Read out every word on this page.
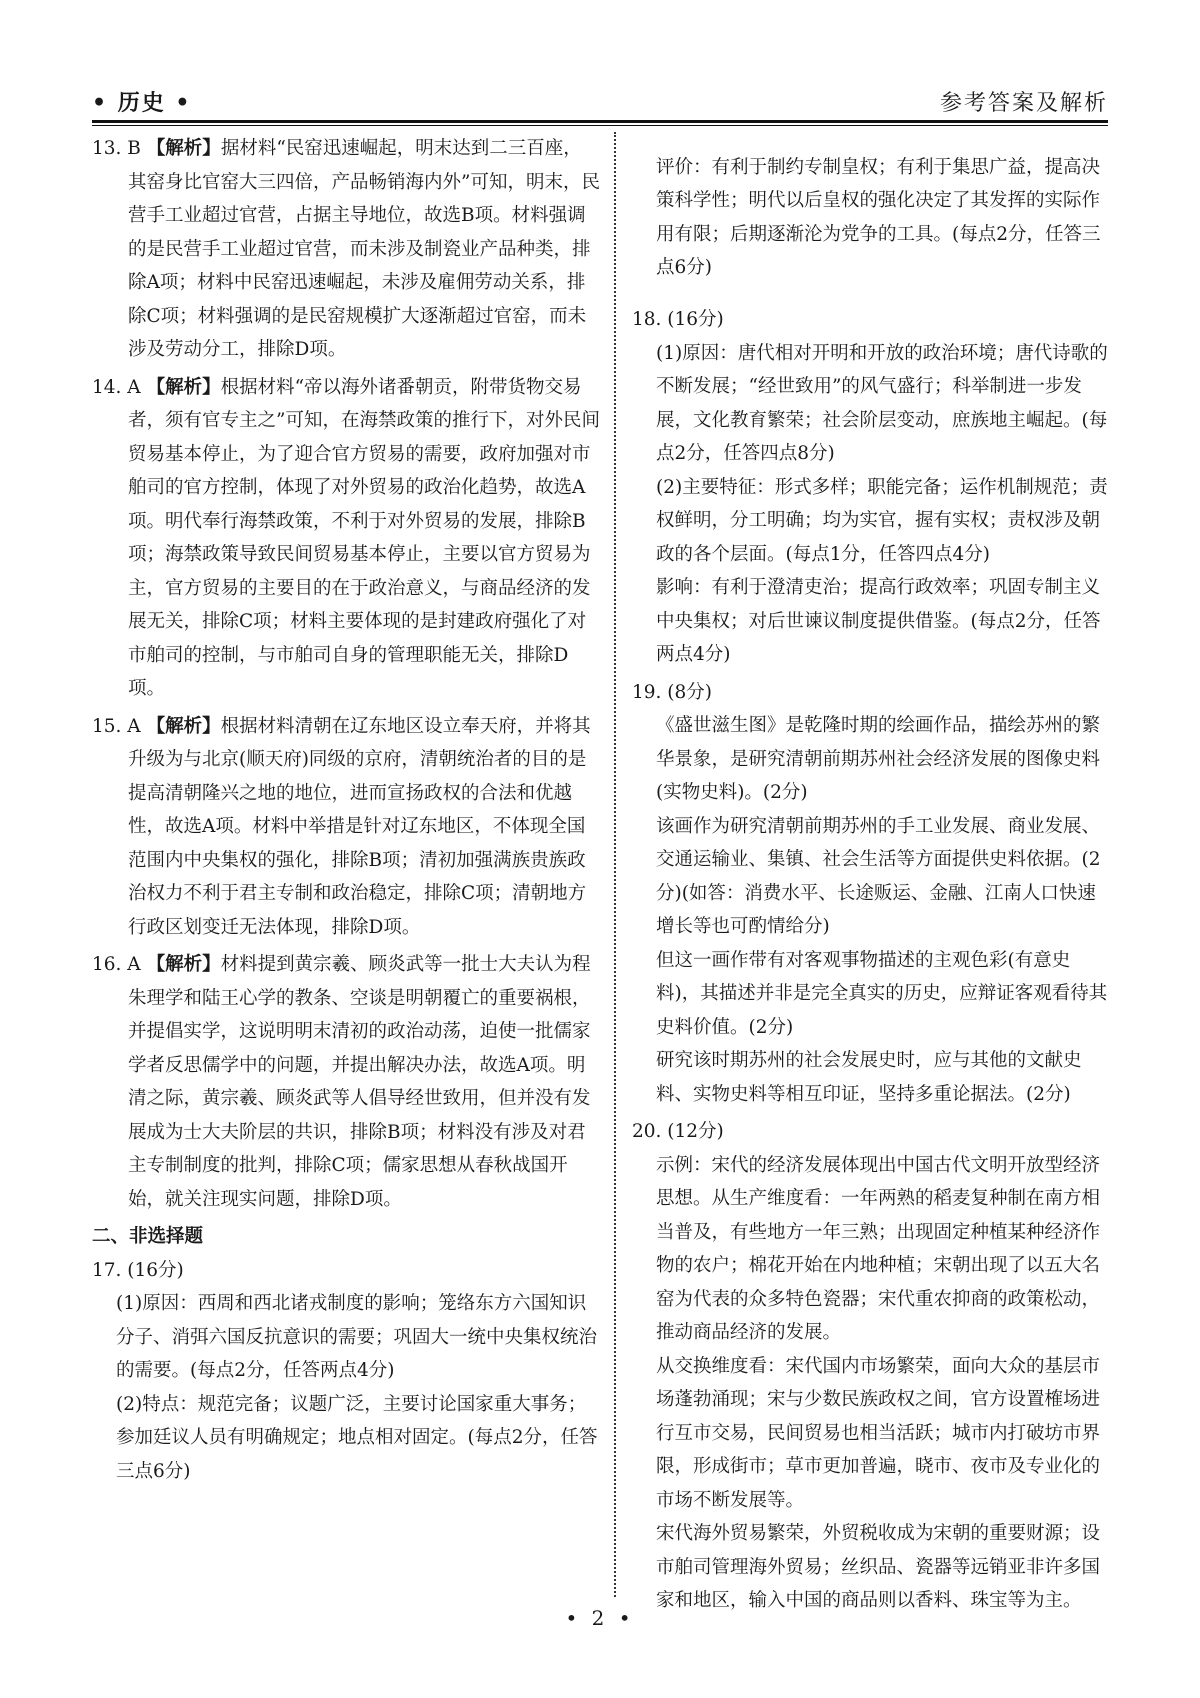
• 历史 •	参考答案及解析
13. B 【解析】据材料“民窑迅速崛起，明末达到二三百座，其窑身比官窑大三四倍，产品畅销海内外”可知，明末，民营手工业超过官营，占据主导地位，故选B项。材料强调的是民营手工业超过官营，而未涉及制瓷业产品种类，排除A项；材料中民窑迅速崛起，未涉及雇佣劳动关系，排除C项；材料强调的是民窑规模扩大逐渐超过官窑，而未涉及劳动分工，排除D项。
14. A 【解析】根据材料“帝以海外诸番朝贡，附带货物交易者，须有官专主之”可知，在海禁政策的推行下，对外民间贸易基本停止，为了迎合官方贸易的需要，政府加强对市舶司的官方控制，体现了对外贸易的政治化趋势，故选A项。明代奉行海禁政策，不利于对外贸易的发展，排除B项；海禁政策导致民间贸易基本停止，主要以官方贸易为主，官方贸易的主要目的在于政治意义，与商品经济的发展无关，排除C项；材料主要体现的是封建政府强化了对市舶司的控制，与市舶司自身的管理职能无关，排除D项。
15. A 【解析】根据材料清朝在辽东地区设立奉天府，并将其升级为与北京(顺天府)同级的京府，清朝统治者的目的是提高清朝隆兴之地的地位，进而宣扬政权的合法和优越性，故选A项。材料中举措是针对辽东地区，不体现全国范围内中央集权的强化，排除B项；清初加强满族贵族政治权力不利于君主专制和政治稳定，排除C项；清朝地方行政区划变迁无法体现，排除D项。
16. A 【解析】材料提到黄宗羲、顾炎武等一批士大夫认为程朱理学和陆王心学的教条、空谈是明朝覆亡的重要祸根，并提倡实学，这说明明末清初的政治动荡，迫使一批儒家学者反思儒学中的问题，并提出解决办法，故选A项。明清之际，黄宗羲、顾炎武等人倡导经世致用，但并没有发展成为士大夫阶层的共识，排除B项；材料没有涉及对君主专制制度的批判，排除C项；儒家思想从春秋战国开始，就关注现实问题，排除D项。

二、非选择题

17. (16分)

(1)原因：西周和西北诸戎制度的影响；笼络东方六国知识分子、消弭六国反抗意识的需要；巩固大一统中央集权统治的需要。(每点2分，任答两点4分)

(2)特点：规范完备；议题广泛，主要讨论国家重大事务；参加廷议人员有明确规定；地点相对固定。(每点2分，任答三点6分)

评价：有利于制约专制皇权；有利于集思广益，提高决策科学性；明代以后皇权的强化决定了其发挥的实际作用有限；后期逐渐沦为党争的工具。(每点2分，任答三点6分)

18. (16分)

(1)原因：唐代相对开明和开放的政治环境；唐代诗歌的不断发展；“经世致用”的风气盛行；科举制进一步发展，文化教育繁荣；社会阶层变动，庶族地主崛起。(每点2分，任答四点8分)

(2)主要特征：形式多样；职能完备；运作机制规范；责权鲜明，分工明确；均为实官，握有实权；责权涉及朝政的各个层面。(每点1分，任答四点4分)

影响：有利于澄清吏治；提高行政效率；巩固专制主义中央集权；对后世谏议制度提供借鉴。(每点2分，任答两点4分)

19. (8分)

《盛世滋生图》是乾隆时期的绘画作品，描绘苏州的繁华景象，是研究清朝前期苏州社会经济发展的图像史料(实物史料)。(2分)

该画作为研究清朝前期苏州的手工业发展、商业发展、交通运输业、集镇、社会生活等方面提供史料依据。(2分)(如答：消费水平、长途贩运、金融、江南人口快速增长等也可酌情给分)

但这一画作带有对客观事物描述的主观色彩(有意史料)，其描述并非是完全真实的历史，应辩证客观看待其史料价值。(2分)

研究该时期苏州的社会发展史时，应与其他的文献史料、实物史料等相互印证，坚持多重论据法。(2分)

20. (12分)

示例：宋代的经济发展体现出中国古代文明开放型经济思想。从生产维度看：一年两熟的稻麦复种制在南方相当普及，有些地方一年三熟；出现固定种植某种经济作物的农户；棉花开始在内地种植；宋朝出现了以五大名窑为代表的众多特色瓷器；宋代重农抑商的政策松动，推动商品经济的发展。

从交换维度看：宋代国内市场繁荣，面向大众的基层市场蓬勃涌现；宋与少数民族政权之间，官方设置榷场进行互市交易，民间贸易也相当活跃；城市内打破坊市界限，形成街市；草市更加普遍，晓市、夜市及专业化的市场不断发展等。

宋代海外贸易繁荣，外贸税收成为宋朝的重要财源；设市舶司管理海外贸易；丝织品、瓷器等远销亚非许多国家和地区，输入中国的商品则以香料、珠宝等为主。

• 2 •
